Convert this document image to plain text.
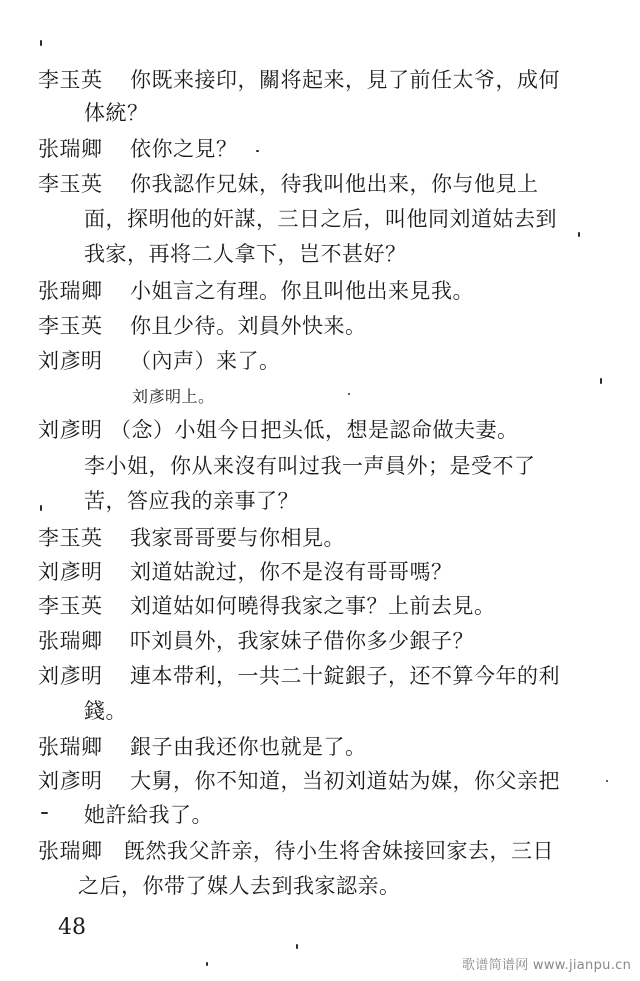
李玉英	你既来接印，關将起来，見了前任太爷，成何
体統？
张瑞卿	依你之見？
李玉英	你我認作兄妹，待我叫他出来，你与他見上
面，探明他的奸謀，三日之后，叫他同刘道姑去到
我家，再将二人拿下，岂不甚好？
张瑞卿	小姐言之有理。你且叫他出来見我。
李玉英	你且少待。刘員外快来。
刘彥明	（內声）来了。
刘彥明上。
刘彥明 （念）小姐今日把头低，想是認命做夫妻。
李小姐，你从来沒有叫过我一声員外；是受不了
苦，答应我的亲事了？
李玉英	我家哥哥要与你相見。
刘彥明	刘道姑說过，你不是沒有哥哥嗎？
李玉英	刘道姑如何曉得我家之事？上前去見。
张瑞卿	吓刘員外，我家妹子借你多少銀子？
刘彥明	連本带利，一共二十錠銀子，还不算今年的利
錢。
张瑞卿	銀子由我还你也就是了。
刘彥明	大舅，你不知道，当初刘道姑为媒，你父亲把
她許給我了。
张瑞卿	旣然我父許亲，待小生将舍妹接回家去，三日
之后，你带了媒人去到我家認亲。
48
歌谱简谱网 www.jianpu.cn
